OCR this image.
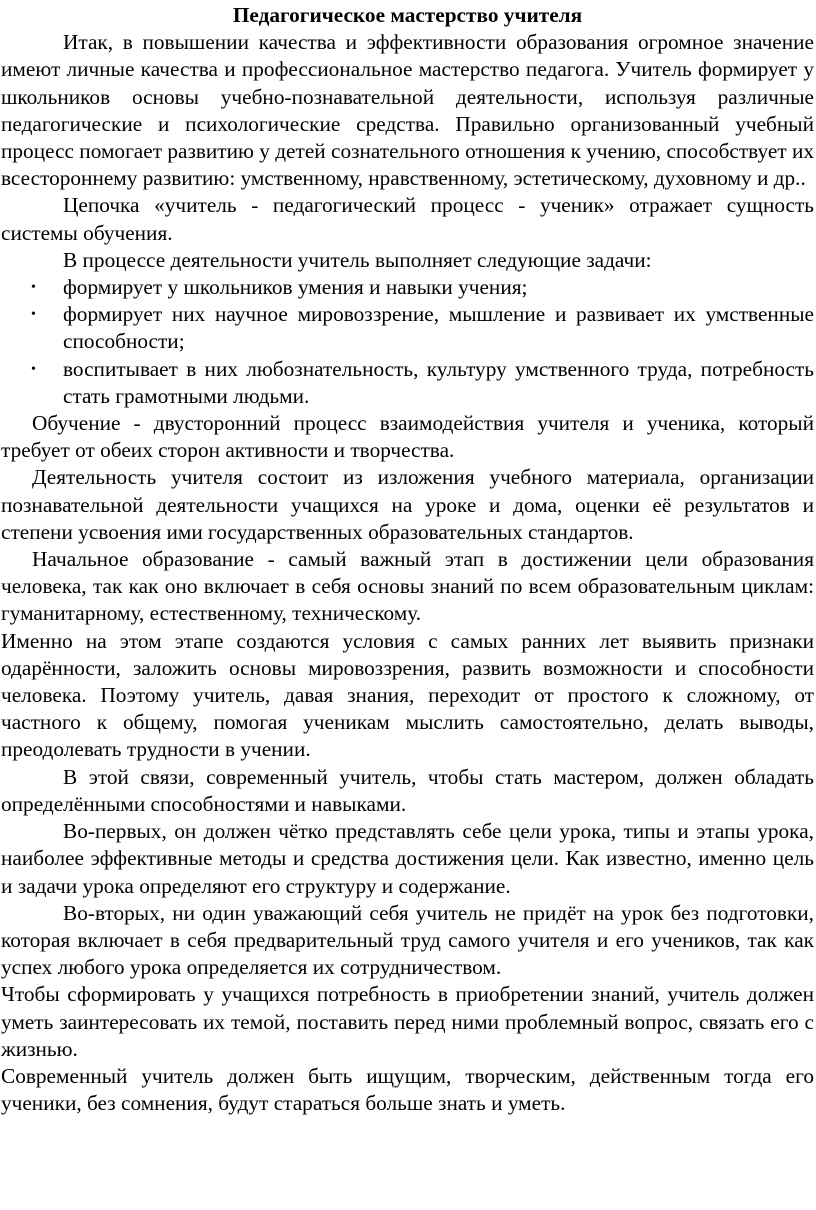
Педагогическое мастерство учителя

Итак, в повышении качества и эффективности образования огромное значение имеют личные качества и профессиональное мастерство педагога. Учитель формирует у школьников основы учебно-познавательной деятельности, используя различные педагогические и психологические средства. Правильно организованный учебный процесс помогает развитию у детей сознательного отношения к учению, способствует их всестороннему развитию: умственному, нравственному, эстетическому, духовному и др..

Цепочка «учитель - педагогический процесс - ученик» отражает сущность системы обучения.

В процессе деятельности учитель выполняет следующие задачи:

• формирует у школьников умения и навыки учения;
• формирует них научное мировоззрение, мышление и развивает их умственные способности;
• воспитывает в них любознательность, культуру умственного труда, потребность стать грамотными людьми.

Обучение - двусторонний процесс взаимодействия учителя и ученика, который требует от обеих сторон активности и творчества.

Деятельность учителя состоит из изложения учебного материала, организации познавательной деятельности учащихся на уроке и дома, оценки её результатов и степени усвоения ими государственных образовательных стандартов.

Начальное образование - самый важный этап в достижении цели образования человека, так как оно включает в себя основы знаний по всем образовательным циклам: гуманитарному, естественному, техническому.

Именно на этом этапе создаются условия с самых ранних лет выявить признаки одарённости, заложить основы мировоззрения, развить возможности и способности человека. Поэтому учитель, давая знания, переходит от простого к сложному, от частного к общему, помогая ученикам мыслить самостоятельно, делать выводы, преодолевать трудности в учении.

В этой связи, современный учитель, чтобы стать мастером, должен обладать определёнными способностями и навыками.

Во-первых, он должен чётко представлять себе цели урока, типы и этапы урока, наиболее эффективные методы и средства достижения цели. Как известно, именно цель и задачи урока определяют его структуру и содержание.

Во-вторых, ни один уважающий себя учитель не придёт на урок без подготовки, которая включает в себя предварительный труд самого учителя и его учеников, так как успех любого урока определяется их сотрудничеством.

Чтобы сформировать у учащихся потребность в приобретении знаний, учитель должен уметь заинтересовать их темой, поставить перед ними проблемный вопрос, связать его с жизнью.

Современный учитель должен быть ищущим, творческим, действенным тогда его ученики, без сомнения, будут стараться больше знать и уметь.
